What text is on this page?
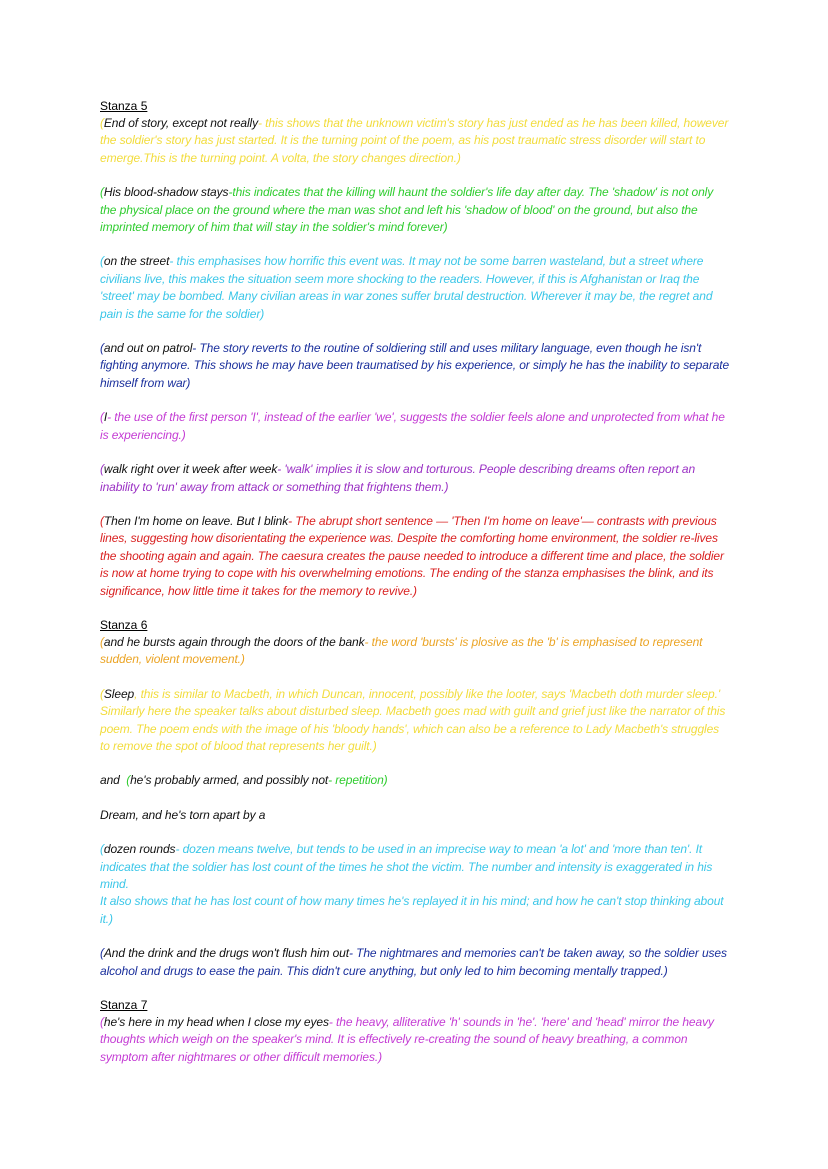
Stanza 5

(End of story, except not really- this shows that the unknown victim's story has just ended as he has been killed, however the soldier's story has just started. It is the turning point of the poem, as his post traumatic stress disorder will start to emerge.This is the turning point. A volta, the story changes direction.)

(His blood-shadow stays-this indicates that the killing will haunt the soldier's life day after day. The 'shadow' is not only the physical place on the ground where the man was shot and left his 'shadow of blood' on the ground, but also the imprinted memory of him that will stay in the soldier's mind forever)

(on the street- this emphasises how horrific this event was. It may not be some barren wasteland, but a street where civilians live, this makes the situation seem more shocking to the readers. However, if this is Afghanistan or Iraq the 'street' may be bombed. Many civilian areas in war zones suffer brutal destruction. Wherever it may be, the regret and pain is the same for the soldier)

(and out on patrol- The story reverts to the routine of soldiering still and uses military language, even though he isn't fighting anymore. This shows he may have been traumatised by his experience, or simply he has the inability to separate himself from war)

(I- the use of the first person 'I', instead of the earlier 'we', suggests the soldier feels alone and unprotected from what he is experiencing.)

(walk right over it week after week- 'walk' implies it is slow and torturous. People describing dreams often report an inability to 'run' away from attack or something that frightens them.)

(Then I'm home on leave. But I blink- The abrupt short sentence — 'Then I'm home on leave'— contrasts with previous lines, suggesting how disorientating the experience was. Despite the comforting home environment, the soldier re-lives the shooting again and again. The caesura creates the pause needed to introduce a different time and place, the soldier is now at home trying to cope with his overwhelming emotions. The ending of the stanza emphasises the blink, and its significance, how little time it takes for the memory to revive.)

Stanza 6

(and he bursts again through the doors of the bank- the word 'bursts' is plosive as the 'b' is emphasised to represent sudden, violent movement.)

(Sleep, this is similar to Macbeth, in which Duncan, innocent, possibly like the looter, says 'Macbeth doth murder sleep.' Similarly here the speaker talks about disturbed sleep. Macbeth goes mad with guilt and grief just like the narrator of this poem. The poem ends with the image of his 'bloody hands', which can also be a reference to Lady Macbeth's struggles to remove the spot of blood that represents her guilt.)

and  (he's probably armed, and possibly not- repetition)

Dream, and he's torn apart by a

(dozen rounds- dozen means twelve, but tends to be used in an imprecise way to mean 'a lot' and 'more than ten'. It indicates that the soldier has lost count of the times he shot the victim. The number and intensity is exaggerated in his mind.
It also shows that he has lost count of how many times he's replayed it in his mind; and how he can't stop thinking about it.)

(And the drink and the drugs won't flush him out- The nightmares and memories can't be taken away, so the soldier uses alcohol and drugs to ease the pain. This didn't cure anything, but only led to him becoming mentally trapped.)

Stanza 7

(he's here in my head when I close my eyes- the heavy, alliterative 'h' sounds in 'he'. 'here' and 'head' mirror the heavy thoughts which weigh on the speaker's mind. It is effectively re-creating the sound of heavy breathing, a common symptom after nightmares or other difficult memories.)
